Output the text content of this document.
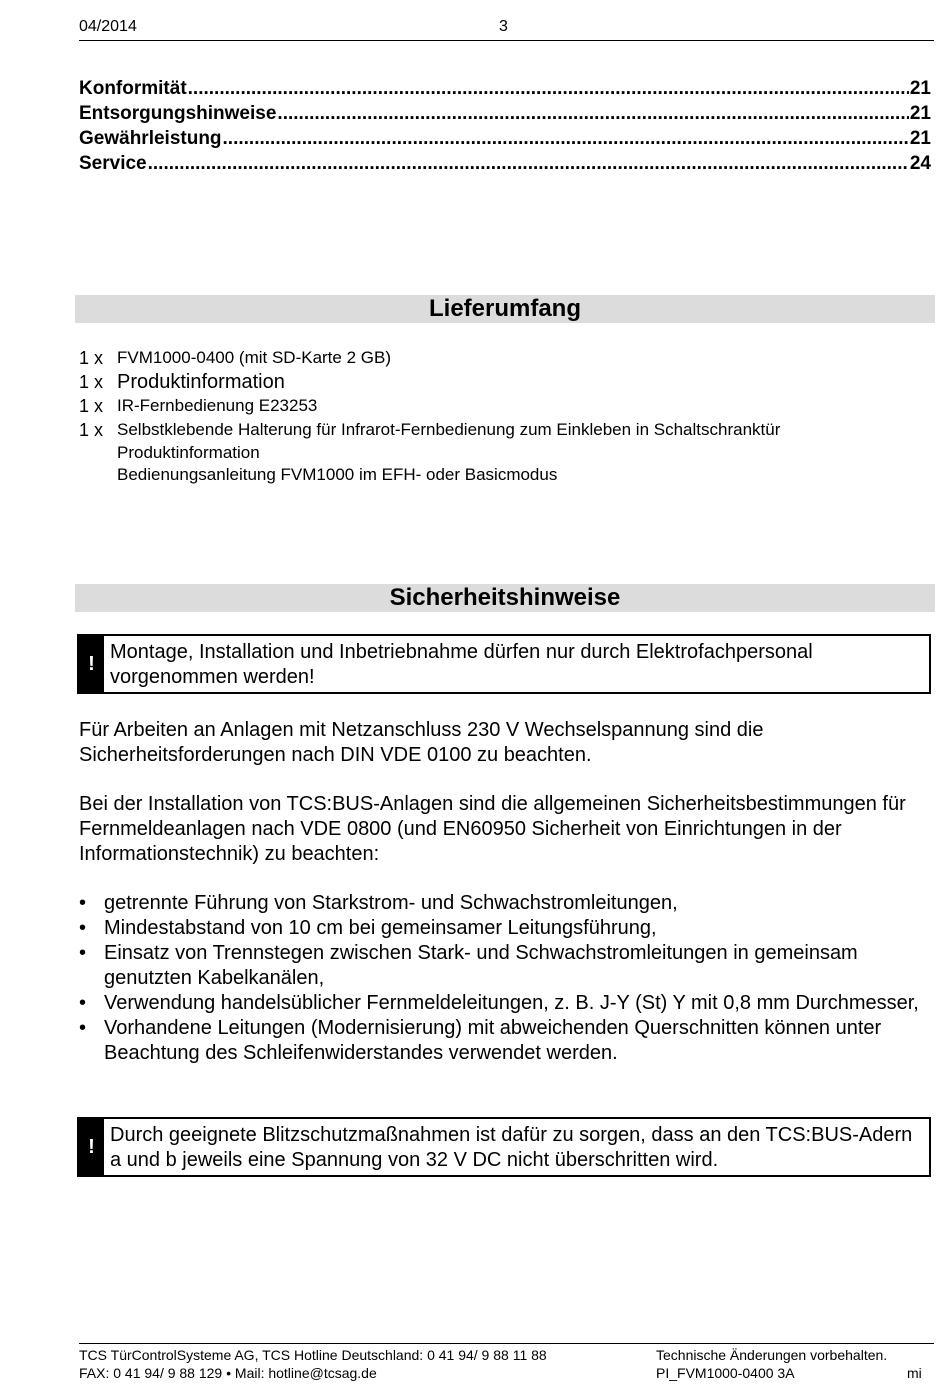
04/2014	3
Konformität .....	21
Entsorgungshinweise .....	21
Gewährleistung .....	21
Service .....	24
Lieferumfang
1 x FVM1000-0400 (mit SD-Karte 2 GB)
1 x Produktinformation
1 x IR-Fernbedienung E23253
1 x Selbstklebende Halterung für Infrarot-Fernbedienung zum Einkleben in Schaltschranktür
Produktinformation
Bedienungsanleitung FVM1000 im EFH- oder Basicmodus
Sicherheitshinweise
!
Montage, Installation und Inbetriebnahme dürfen nur durch Elektrofachpersonal vorgenommen werden!
Für Arbeiten an Anlagen mit Netzanschluss 230 V Wechselspannung sind die Sicherheitsforderungen nach DIN VDE 0100 zu beachten.
Bei der Installation von TCS:BUS-Anlagen sind die allgemeinen Sicherheitsbestimmungen für Fernmeldeanlagen nach VDE 0800 (und EN60950 Sicherheit von Einrichtungen in der Informationstechnik) zu beachten:
• getrennte Führung von Starkstrom- und Schwachstromleitungen,
• Mindestabstand von 10 cm bei gemeinsamer Leitungsführung,
• Einsatz von Trennstegen zwischen Stark- und Schwachstromleitungen in gemeinsam genutzten Kabelkanälen,
• Verwendung handelsüblicher Fernmeldeleitungen, z. B. J-Y (St) Y mit 0,8 mm Durchmesser,
• Vorhandene Leitungen (Modernisierung) mit abweichenden Querschnitten können unter Beachtung des Schleifenwiderstandes verwendet werden.
!
Durch geeignete Blitzschutzmaßnahmen ist dafür zu sorgen, dass an den TCS:BUS-Adern a und b jeweils eine Spannung von 32 V DC nicht überschritten wird.
TCS TürControlSysteme AG, TCS Hotline Deutschland: 0 41 94/ 9 88 11 88
FAX: 0 41 94/ 9 88 129 • Mail: hotline@tcsag.de
Technische Änderungen vorbehalten.
PI_FVM1000-0400 3A	mi
